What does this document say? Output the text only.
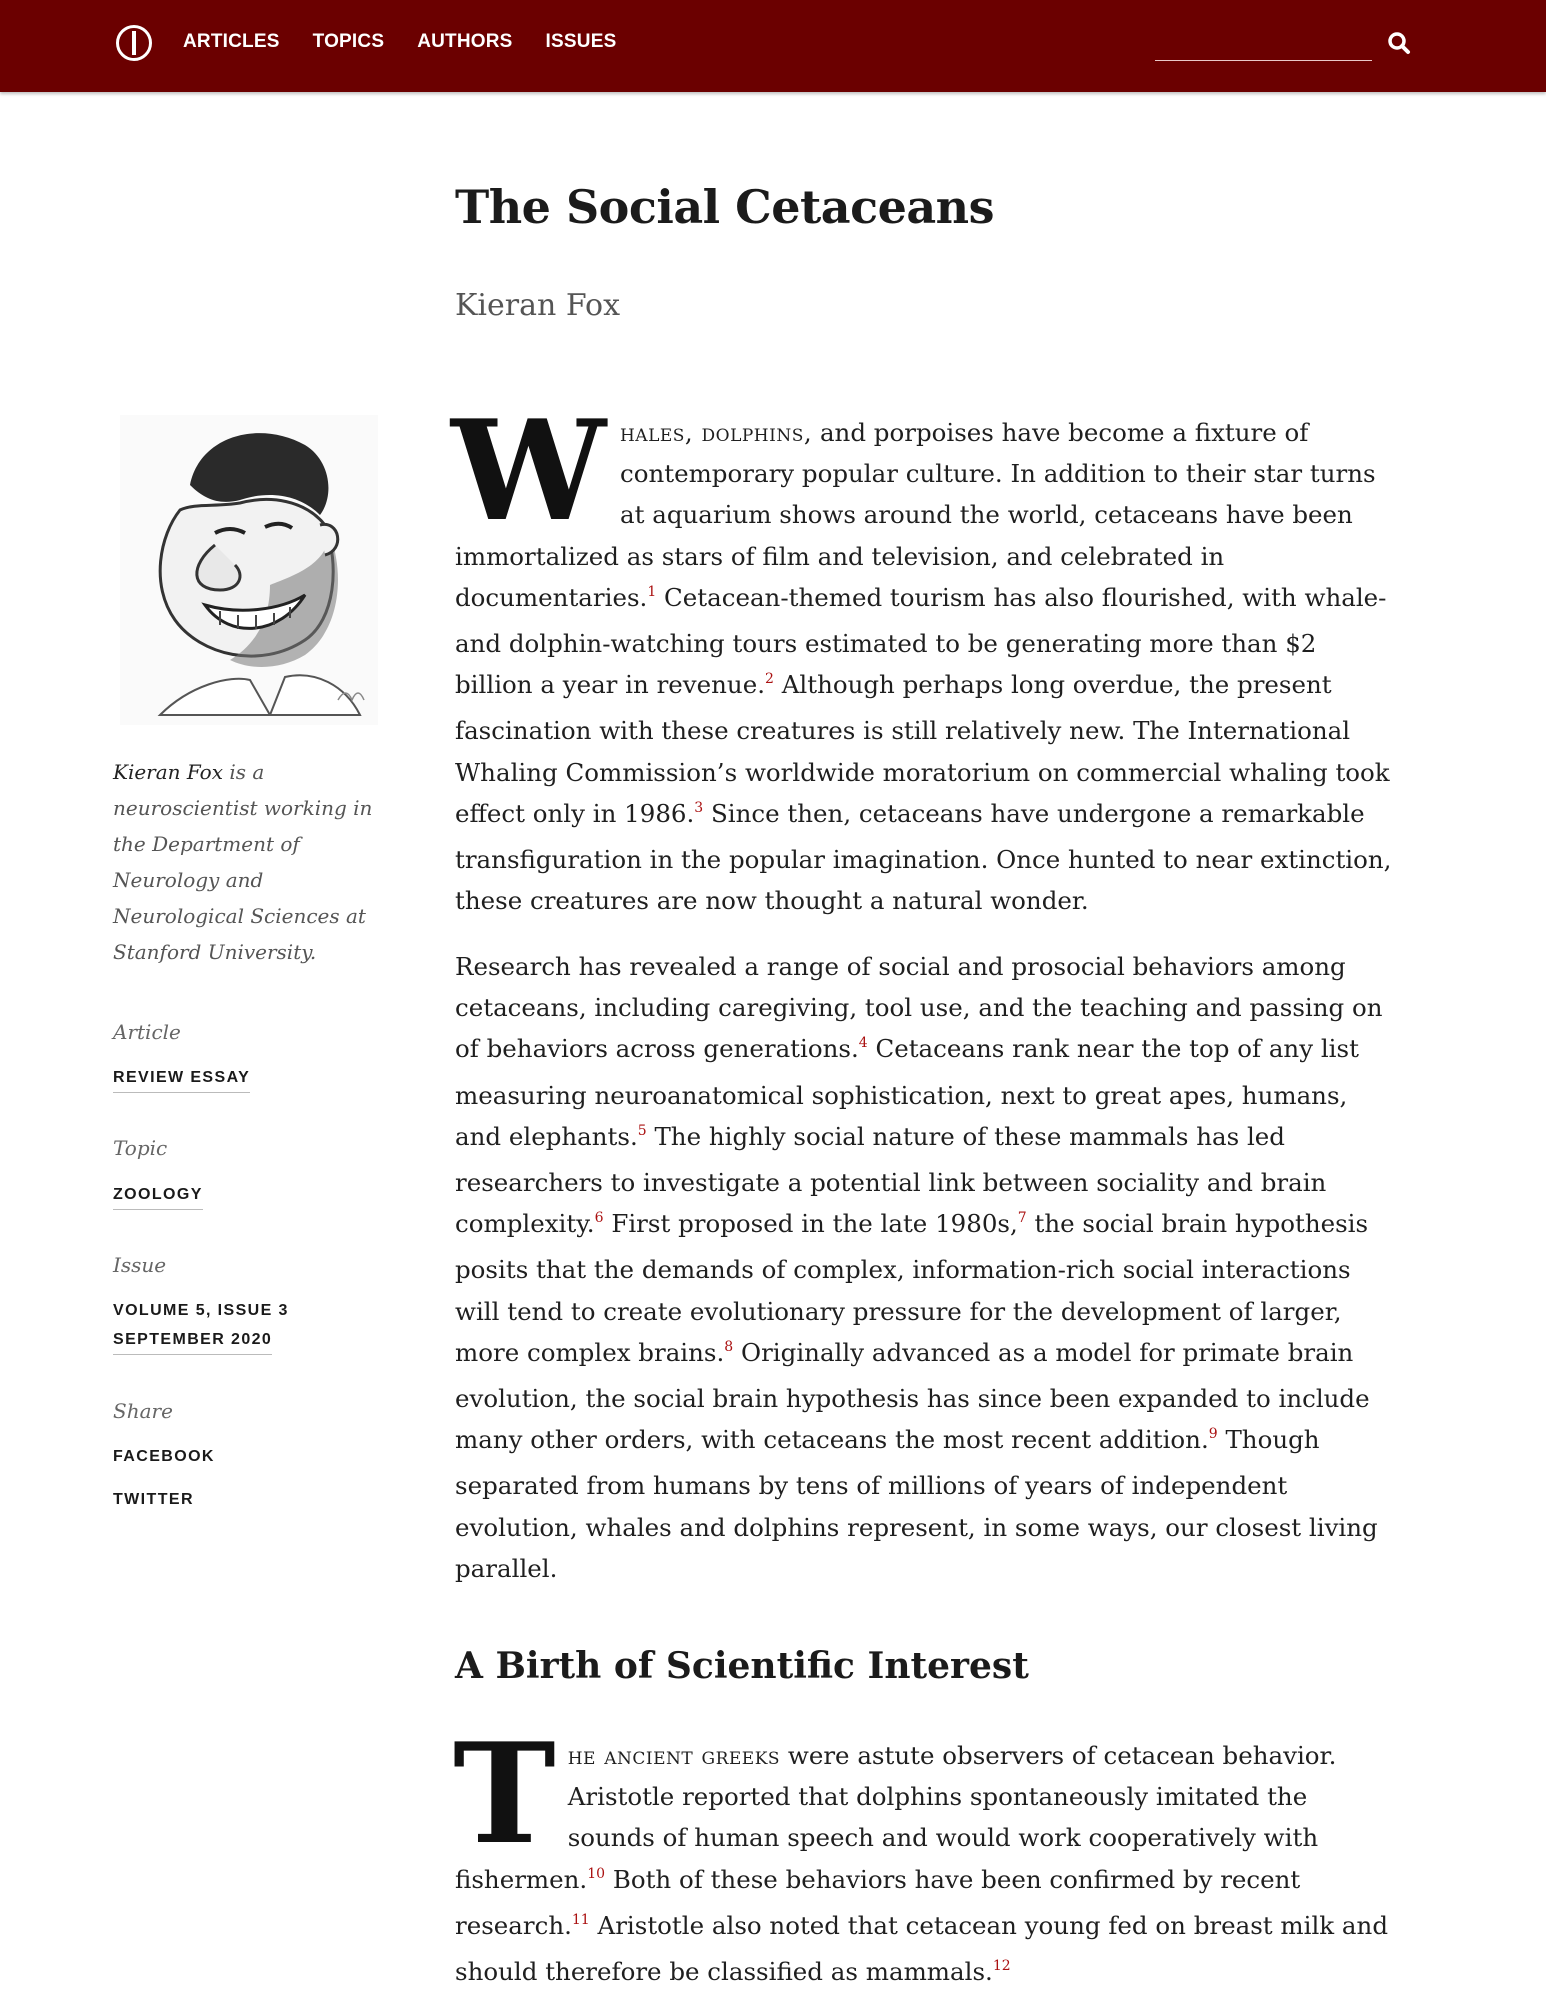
ARTICLES TOPICS AUTHORS ISSUES
The Social Cetaceans
Kieran Fox
Kieran Fox is a neuroscientist working in the Department of Neurology and Neurological Sciences at Stanford University.
Article
REVIEW ESSAY
Topic
ZOOLOGY
Issue
VOLUME 5, ISSUE 3
SEPTEMBER 2020
Share
FACEBOOK
TWITTER

Whales, dolphins, and porpoises have become a fixture of contemporary popular culture. In addition to their star turns at aquarium shows around the world, cetaceans have been immortalized as stars of film and television, and celebrated in documentaries.$^1$ Cetacean-themed tourism has also flourished, with whale- and dolphin-watching tours estimated to be generating more than $2 billion a year in revenue.$^2$ Although perhaps long overdue, the present fascination with these creatures is still relatively new. The International Whaling Commission’s worldwide moratorium on commercial whaling took effect only in 1986.$^3$ Since then, cetaceans have undergone a remarkable transfiguration in the popular imagination. Once hunted to near extinction, these creatures are now thought a natural wonder.

Research has revealed a range of social and prosocial behaviors among cetaceans, including caregiving, tool use, and the teaching and passing on of behaviors across generations.$^4$ Cetaceans rank near the top of any list measuring neuroanatomical sophistication, next to great apes, humans, and elephants.$^5$ The highly social nature of these mammals has led researchers to investigate a potential link between sociality and brain complexity.$^6$ First proposed in the late 1980s,$^7$ the social brain hypothesis posits that the demands of complex, information-rich social interactions will tend to create evolutionary pressure for the development of larger, more complex brains.$^8$ Originally advanced as a model for primate brain evolution, the social brain hypothesis has since been expanded to include many other orders, with cetaceans the most recent addition.$^9$ Though separated from humans by tens of millions of years of independent evolution, whales and dolphins represent, in some ways, our closest living parallel.

A Birth of Scientific Interest

The ancient greeks were astute observers of cetacean behavior. Aristotle reported that dolphins spontaneously imitated the sounds of human speech and would work cooperatively with fishermen.$^{10}$ Both of these behaviors have been confirmed by recent research.$^{11}$ Aristotle also noted that cetacean young fed on breast milk and should therefore be classified as mammals.$^{12}$
